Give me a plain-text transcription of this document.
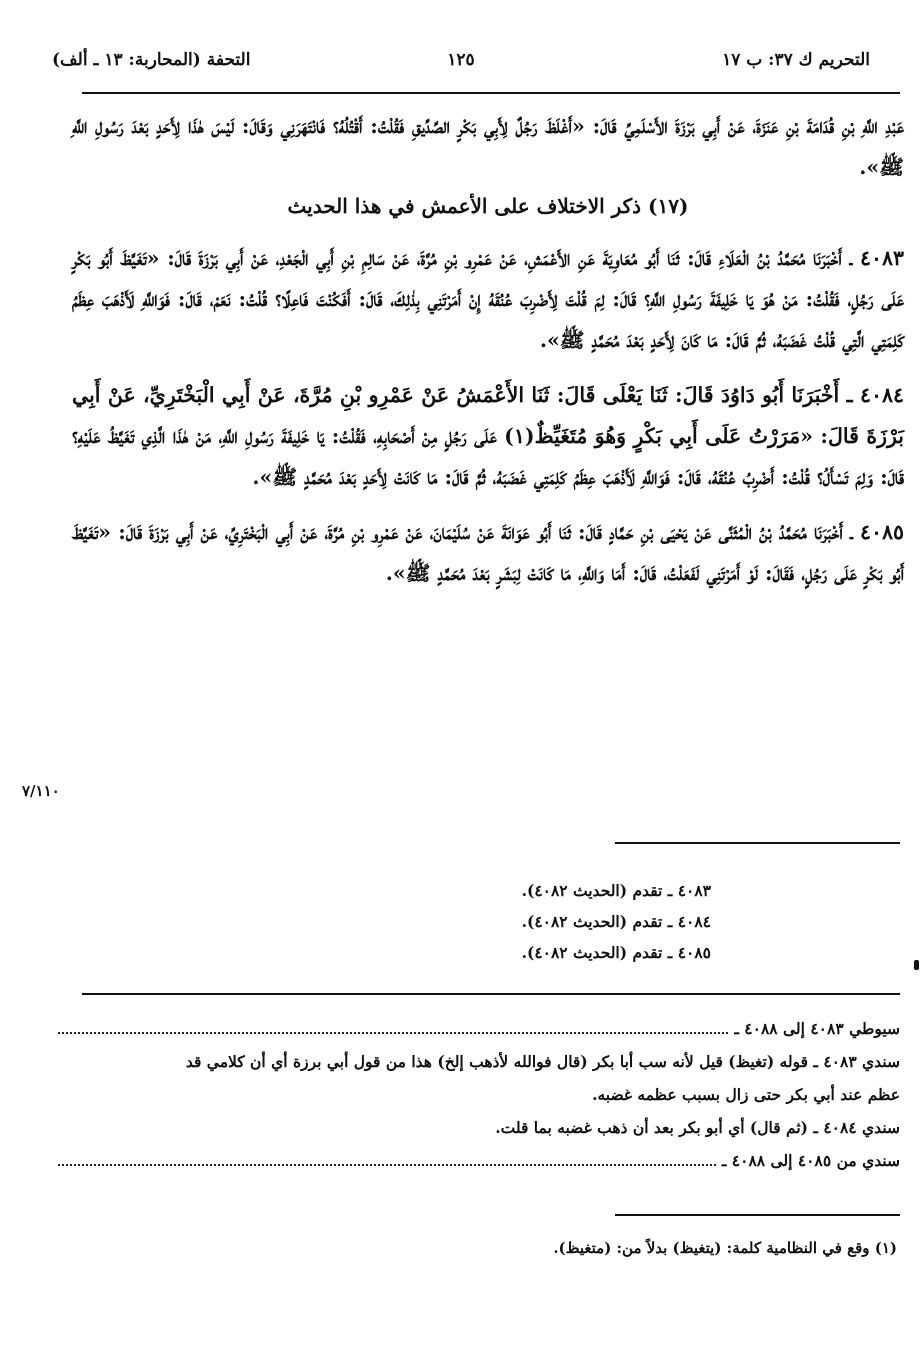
التحريم ك ٣٧: ب ١٧
١٢٥
التحفة (المحاربة: ١٣ ـ ألف)
عَبْدِ اللَّهِ بْنِ قُدَامَةَ بْنِ عَنَزَةَ، عَنْ أَبِي بَرْزَةَ الأَسْلَمِيِّ قَالَ: «أَغْلَظَ رَجُلٌ لِأَبِي بَكْرٍ الصِّدِّيقِ فَقُلْتُ: أَقْتُلُهُ؟ فَانْتَهَرَنِي وَقَالَ: لَيْسَ هٰذَا لِأَحَدٍ بَعْدَ رَسُولِ اللَّهِ ﷺ».
(١٧) ذكر الاختلاف على الأعمش في هذا الحديث
٤٠٨٣ ـ أَخْبَرَنَا مُحَمَّدُ بْنُ الْعَلَاءِ قَالَ: ثَنَا أَبُو مُعَاوِيَةَ عَنِ الأَعْمَشِ، عَنْ عَمْرِو بْنِ مُرَّةَ، عَنْ سَالِمِ بْنِ أَبِي الْجَعْدِ، عَنْ أَبِي بَرْزَةَ قَالَ: «تَغَيَّظَ أَبُو بَكْرٍ عَلَى رَجُلٍ، فَقُلْتُ: مَنْ هُوَ يَا خَلِيفَةَ رَسُولِ اللَّهِ؟ قَالَ: لِمَ قُلْتَ لِأَضْرِبَ عُنُقَهُ إِنْ أَمَرْتَنِي بِذٰلِكَ، قَالَ: أَفَكُنْتَ فَاعِلًا؟ قُلْتُ: نَعَمْ، قَالَ: فَوَاللَّهِ لَأَذْهَبَ عِظَمُ كَلِمَتِي الَّتِي قُلْتُ غَضَبَهُ، ثُمَّ قَالَ: مَا كَانَ لِأَحَدٍ بَعْدَ مُحَمَّدٍ ﷺ».
٤٠٨٤ ـ أَخْبَرَنَا أَبُو دَاوُدَ قَالَ: ثَنَا يَعْلَى قَالَ: ثَنَا الأَعْمَشُ عَنْ عَمْرِو بْنِ مُرَّةَ، عَنْ أَبِي الْبَخْتَرِيِّ، عَنْ أَبِي بَرْزَةَ قَالَ: «مَرَرْتُ عَلَى أَبِي بَكْرٍ وَهُوَ مُتَغَيِّظٌ(١) عَلَى رَجُلٍ مِنْ أَصْحَابِهِ، فَقُلْتُ: يَا خَلِيفَةَ رَسُولِ اللَّهِ، مَنْ هٰذَا الَّذِي تَغَيَّظُ عَلَيْهِ؟ قَالَ: وَلِمَ تَسْأَلُ؟ قُلْتُ: أَضْرِبُ عُنُقَهُ، قَالَ: فَوَاللَّهِ لَأَذْهَبَ عِظَمُ كَلِمَتِي غَضَبَهُ، ثُمَّ قَالَ: مَا كَانَتْ لِأَحَدٍ بَعْدَ مُحَمَّدٍ ﷺ».
٤٠٨٥ ـ أَخْبَرَنَا مُحَمَّدُ بْنُ الْمُثَنَّى عَنْ يَحْيَى بْنِ حَمَّادٍ قَالَ: ثَنَا أَبُو عَوَانَةَ عَنْ سُلَيْمَانَ، عَنْ عَمْرِو بْنِ مُرَّةَ، عَنْ أَبِي الْبَخْتَرِيِّ، عَنْ أَبِي بَرْزَةَ قَالَ: «تَغَيَّظَ أَبُو بَكْرٍ عَلَى رَجُلٍ، فَقَالَ: لَوْ أَمَرْتَنِي لَفَعَلْتُ، قَالَ: أَمَا وَاللَّهِ، مَا كَانَتْ لِبَشَرٍ بَعْدَ مُحَمَّدٍ ﷺ».
٧/١١٠
٤٠٨٣ ـ تقدم (الحديث ٤٠٨٢).
٤٠٨٤ ـ تقدم (الحديث ٤٠٨٢).
٤٠٨٥ ـ تقدم (الحديث ٤٠٨٢).
سيوطي ٤٠٨٣ إلى ٤٠٨٨ ـ
سندي ٤٠٨٣ ـ قوله (تغيظ) قيل لأنه سب أبا بكر (قال فوالله لأذهب إلخ) هذا من قول أبي برزة أي أن كلامي قد
عظم عند أبي بكر حتى زال بسبب عظمه غضبه.
سندي ٤٠٨٤ ـ (ثم قال) أي أبو بكر بعد أن ذهب غضبه بما قلت.
سندي من ٤٠٨٥ إلى ٤٠٨٨ ـ
(١) وقع في النظامية كلمة: (يتغيظ) بدلاً من: (متغيظ).
